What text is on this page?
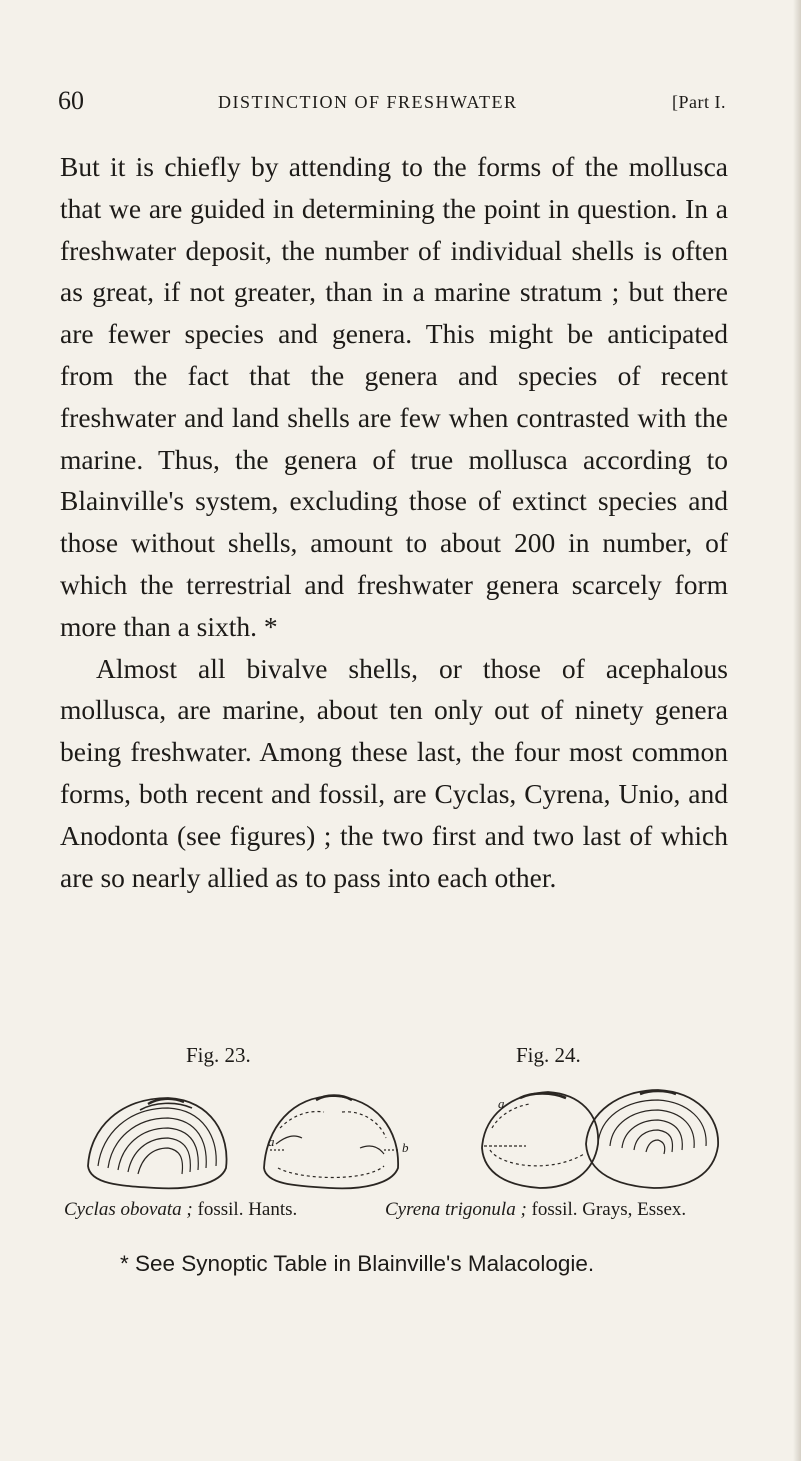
60	DISTINCTION OF FRESHWATER	[Part I.

But it is chiefly by attending to the forms of the mollusca that we are guided in determining the point in question. In a freshwater deposit, the number of individual shells is often as great, if not greater, than in a marine stratum ; but there are fewer species and genera. This might be anticipated from the fact that the genera and species of recent freshwater and land shells are few when contrasted with the marine. Thus, the genera of true mollusca according to Blainville's system, excluding those of extinct species and those without shells, amount to about 200 in number, of which the terrestrial and freshwater genera scarcely form more than a sixth. *

Almost all bivalve shells, or those of acephalous mollusca, are marine, about ten only out of ninety genera being freshwater. Among these last, the four most common forms, both recent and fossil, are Cyclas, Cyrena, Unio, and Anodonta (see figures) ; the two first and two last of which are so nearly allied as to pass into each other.

Fig. 23.	Fig. 24.
a	b
a
Cyclas obovata ; fossil. Hants.	Cyrena trigonula ; fossil. Grays, Essex.
* See Synoptic Table in Blainville's Malacologie.
